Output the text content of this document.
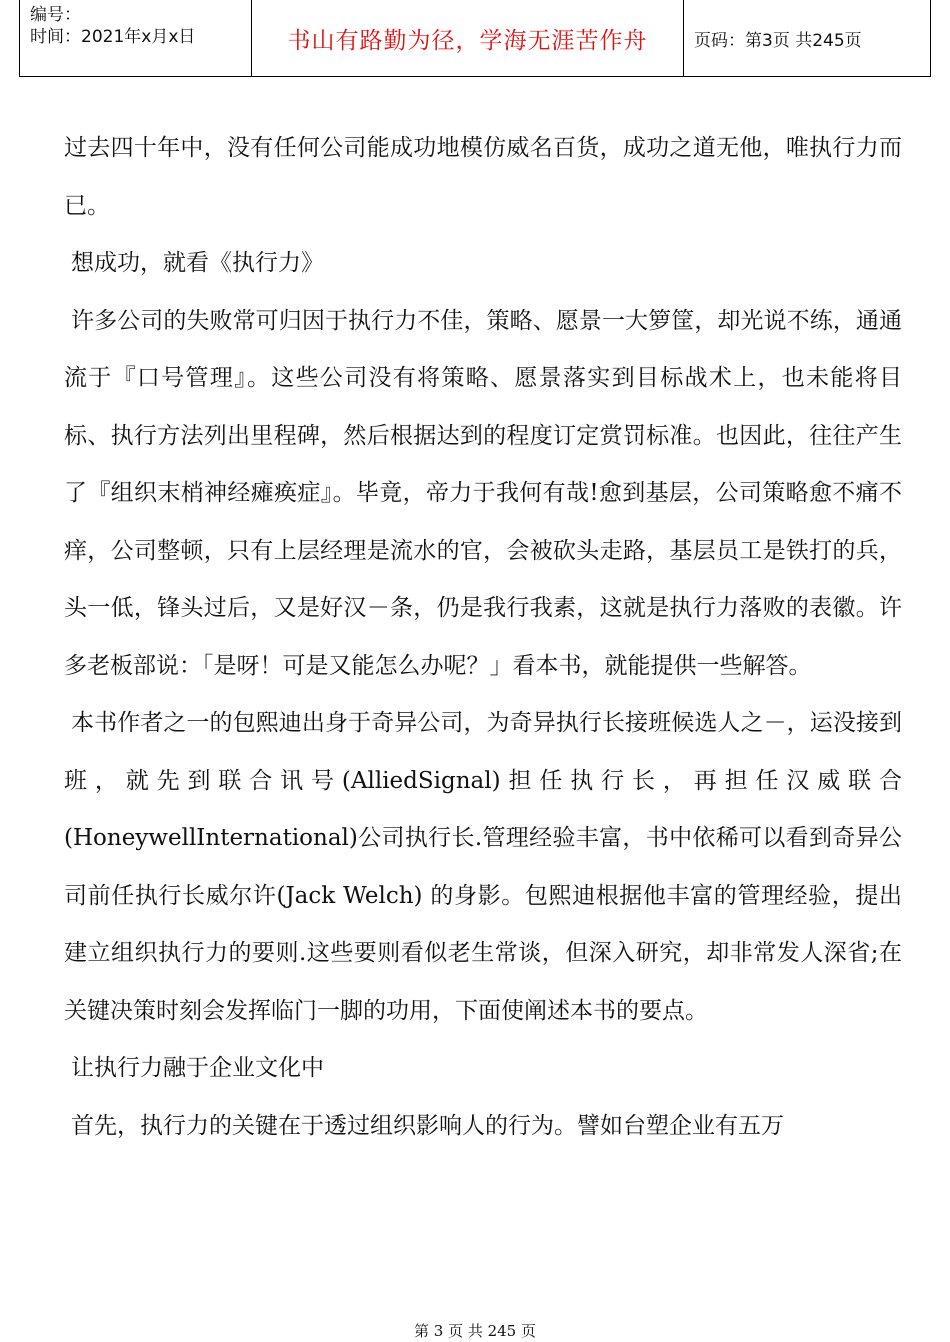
编号：
时间：2021年x月x日	书山有路勤为径，学海无涯苦作舟	页码：第3页 共245页

过去四十年中，没有任何公司能成功地模仿威名百货，成功之道无他，唯执行力而已。

想成功，就看《执行力》

许多公司的失败常可归因于执行力不佳，策略、愿景一大箩筐，却光说不练，通通流于『口号管理』。这些公司没有将策略、愿景落实到目标战术上，也未能将目标、执行方法列出里程碑，然后根据达到的程度订定赏罚标准。也因此，往往产生了『组织末梢神经瘫痪症』。毕竟，帝力于我何有哉!愈到基层，公司策略愈不痛不痒，公司整顿，只有上层经理是流水的官，会被砍头走路，基层员工是铁打的兵，头一低，锋头过后，又是好汉－条，仍是我行我素，这就是执行力落败的表徽。许多老板部说：「是呀！可是又能怎么办呢？」看本书，就能提供一些解答。

本书作者之一的包熙迪出身于奇异公司，为奇异执行长接班候选人之－，运没接到班，就先到联合讯号(AlliedSignal)担任执行长，再担任汉威联合(HoneywellInternational)公司执行长.管理经验丰富，书中依稀可以看到奇异公司前任执行长威尔许(Jack Welch) 的身影。包熙迪根据他丰富的管理经验，提出建立组织执行力的要则.这些要则看似老生常谈，但深入研究，却非常发人深省;在关键决策时刻会发挥临门一脚的功用，下面使阐述本书的要点。

让执行力融于企业文化中

首先，执行力的关键在于透过组织影响人的行为。譬如台塑企业有五万

第 3 页 共 245 页
